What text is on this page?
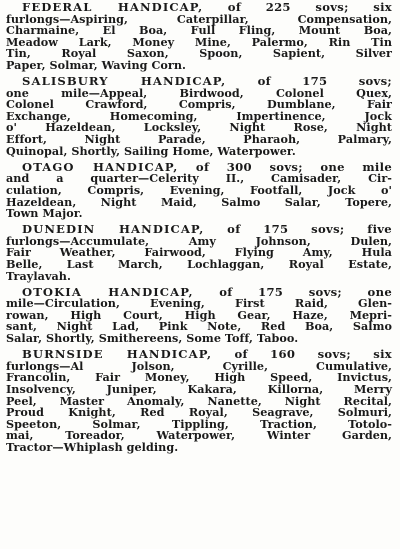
FEDERAL HANDICAP, of 225 sovs; six
furlongs—Aspiring, Caterpillar, Compensation,
Charmaine, El Boa, Full Fling, Mount Boa,
Meadow Lark, Money Mine, Palermo, Rin Tin
Tin, Royal Saxon, Spoon, Sapient, Silver
Paper, Solmar, Waving Corn.
SALISBURY HANDICAP, of 175 sovs;
one mile—Appeal, Birdwood, Colonel Quex,
Colonel Crawford, Compris, Dumblane, Fair
Exchange, Homecoming, Impertinence, Jock
o' Hazeldean, Locksley, Night Rose, Night
Effort, Night Parade, Pharaoh, Palmary,
Quinopal, Shortly, Sailing Home, Waterpower.
OTAGO HANDICAP, of 300 sovs; one mile
and a quarter—Celerity II., Camisader, Cir-
culation, Compris, Evening, Footfall, Jock o'
Hazeldean, Night Maid, Salmo Salar, Topere,
Town Major.
DUNEDIN HANDICAP, of 175 sovs; five
furlongs—Accumulate, Amy Johnson, Dulen,
Fair Weather, Fairwood, Flying Amy, Hula
Belle, Last March, Lochlaggan, Royal Estate,
Traylavah.
OTOKIA HANDICAP, of 175 sovs; one
mile—Circulation, Evening, First Raid, Glen-
rowan, High Court, High Gear, Haze, Mepri-
sant, Night Lad, Pink Note, Red Boa, Salmo
Salar, Shortly, Smithereens, Some Toff, Taboo.
BURNSIDE HANDICAP, of 160 sovs; six
furlongs—Al Jolson, Cyrille, Cumulative,
Francolin, Fair Money, High Speed, Invictus,
Insolvency, Juniper, Kakara, Killorna, Merry
Peel, Master Anomaly, Nanette, Night Recital,
Proud Knight, Red Royal, Seagrave, Solmuri,
Speeton, Solmar, Tippling, Traction, Totolo-
mai, Toreador, Waterpower, Winter Garden,
Tractor—Whiplash gelding.
